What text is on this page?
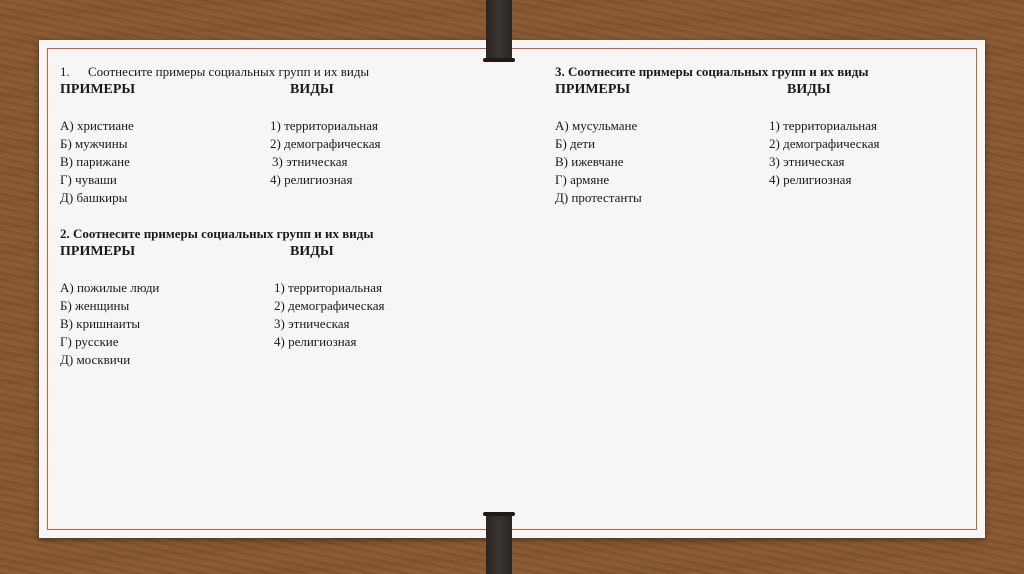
1. Соотнесите примеры социальных групп и их виды
ПРИМЕРЫ	ВИДЫ
А) христиане	1) территориальная
Б) мужчины	2) демографическая
В) парижане	3) этническая
Г) чуваши	4) религиозная
Д) башкиры
2. Соотнесите примеры социальных групп и их виды
ПРИМЕРЫ	ВИДЫ
А) пожилые люди	1) территориальная
Б) женщины	2) демографическая
В) кришнаиты	3) этническая
Г) русские	4) религиозная
Д) москвичи
3. Соотнесите примеры социальных групп и их виды
ПРИМЕРЫ	ВИДЫ
А) мусульмане	1) территориальная
Б) дети	2) демографическая
В) ижевчане	3) этническая
Г) армяне	4) религиозная
Д) протестанты
